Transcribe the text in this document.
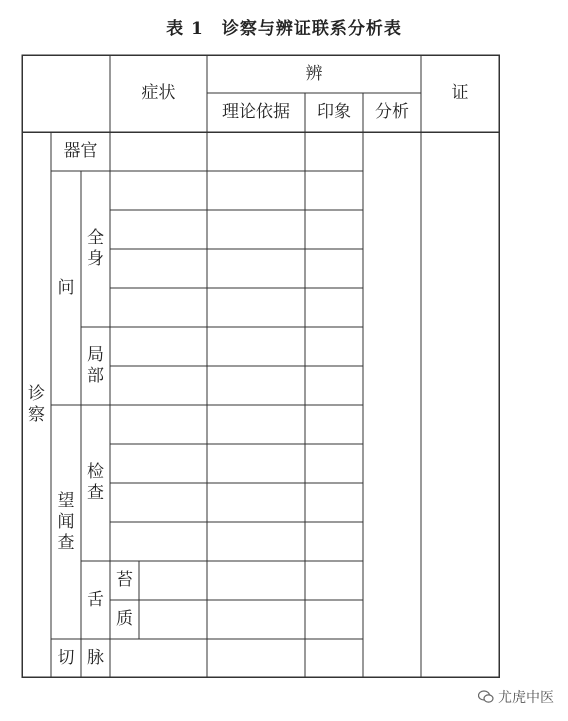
表 1 诊察与辨证联系分析表
症状
辨
理论依据	印象	分析
证
诊
察
器官
问
全
身
局
部
望
闻
查
检
查
舌
苔
质
切 脉
尤虎中医
